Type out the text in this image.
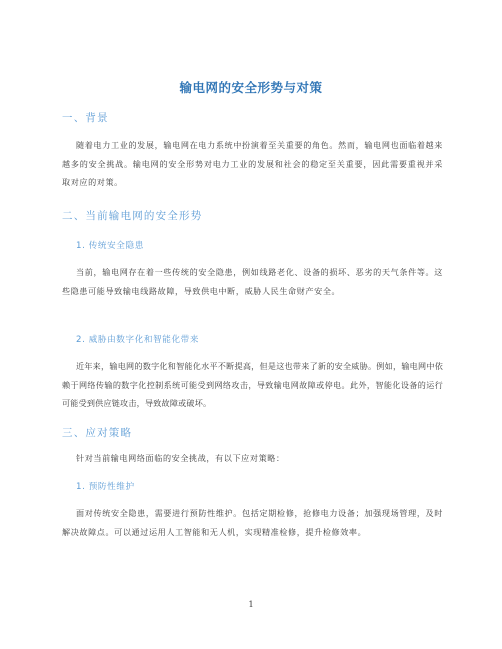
输电网的安全形势与对策
一、背景

随着电力工业的发展，输电网在电力系统中扮演着至关重要的角色。然而，输电网也面临着越来越多的安全挑战。输电网的安全形势对电力工业的发展和社会的稳定至关重要，因此需要重视并采取对应的对策。

二、当前输电网的安全形势
1. 传统安全隐患

当前，输电网存在着一些传统的安全隐患，例如线路老化、设备的损坏、恶劣的天气条件等。这些隐患可能导致输电线路故障，导致供电中断，威胁人民生命财产安全。

2. 威胁由数字化和智能化带来

近年来，输电网的数字化和智能化水平不断提高，但是这也带来了新的安全威胁。例如，输电网中依赖于网络传输的数字化控制系统可能受到网络攻击，导致输电网故障或停电。此外，智能化设备的运行可能受到供应链攻击，导致故障或破坏。

三、应对策略

针对当前输电网络面临的安全挑战，有以下应对策略：

1. 预防性维护

面对传统安全隐患，需要进行预防性维护。包括定期检修，抢修电力设备；加强现场管理，及时解决故障点。可以通过运用人工智能和无人机，实现精准检修，提升检修效率。

1
